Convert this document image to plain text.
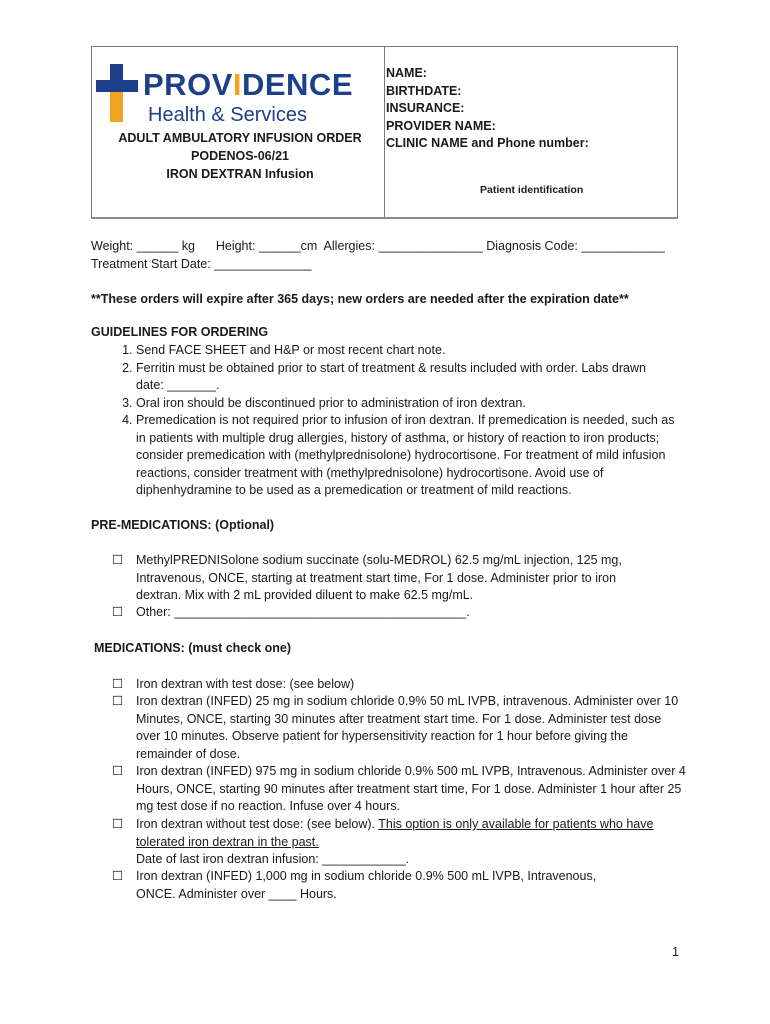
PROVIDENCE
Health & Services
ADULT AMBULATORY INFUSION ORDER
PODENOS-06/21
IRON DEXTRAN Infusion
NAME:
BIRTHDATE:
INSURANCE:
PROVIDER NAME:
CLINIC NAME and Phone number:
Patient identification
Weight: ______ kg      Height: ______cm  Allergies: _______________ Diagnosis Code: ____________
Treatment Start Date: ______________
**These orders will expire after 365 days; new orders are needed after the expiration date**
GUIDELINES FOR ORDERING
1. Send FACE SHEET and H&P or most recent chart note.
2. Ferritin must be obtained prior to start of treatment & results included with order. Labs drawn date: _______.
3. Oral iron should be discontinued prior to administration of iron dextran.
4. Premedication is not required prior to infusion of iron dextran. If premedication is needed, such as in patients with multiple drug allergies, history of asthma, or history of reaction to iron products; consider premedication with (methylprednisolone) hydrocortisone. For treatment of mild infusion reactions, consider treatment with (methylprednisolone) hydrocortisone. Avoid use of diphenhydramine to be used as a premedication or treatment of mild reactions.
PRE-MEDICATIONS: (Optional)
☐ MethylPREDNISolone sodium succinate (solu-MEDROL) 62.5 mg/mL injection, 125 mg, Intravenous, ONCE, starting at treatment start time, For 1 dose. Administer prior to iron dextran. Mix with 2 mL provided diluent to make 62.5 mg/mL.
☐ Other: __________________________________________.
MEDICATIONS: (must check one)
☐ Iron dextran with test dose: (see below)
☐ Iron dextran (INFED) 25 mg in sodium chloride 0.9% 50 mL IVPB, intravenous. Administer over 10 Minutes, ONCE, starting 30 minutes after treatment start time. For 1 dose. Administer test dose over 10 minutes. Observe patient for hypersensitivity reaction for 1 hour before giving the remainder of dose.
☐ Iron dextran (INFED) 975 mg in sodium chloride 0.9% 500 mL IVPB, Intravenous. Administer over 4 Hours, ONCE, starting 90 minutes after treatment start time, For 1 dose. Administer 1 hour after 25 mg test dose if no reaction. Infuse over 4 hours.
☐ Iron dextran without test dose: (see below). This option is only available for patients who have tolerated iron dextran in the past.
Date of last iron dextran infusion: ____________.
☐ Iron dextran (INFED) 1,000 mg in sodium chloride 0.9% 500 mL IVPB, Intravenous, ONCE. Administer over ____ Hours.
1
